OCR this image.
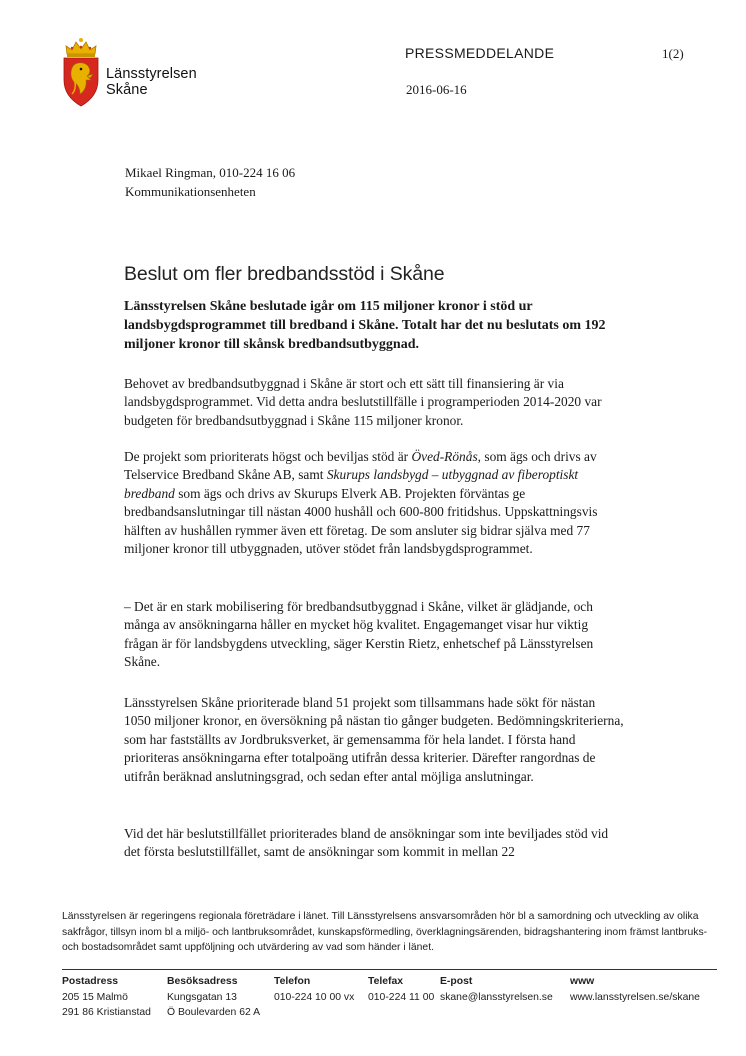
Länsstyrelsen
Skåne
PRESSMEDDELANDE	1(2)
2016-06-16
Mikael Ringman, 010-224 16 06
Kommunikationsenheten
Beslut om fler bredbandsstöd i Skåne

Länsstyrelsen Skåne beslutade igår om 115 miljoner kronor i stöd ur landsbygdsprogrammet till bredband i Skåne. Totalt har det nu beslutats om 192 miljoner kronor till skånsk bredbandsutbyggnad.

Behovet av bredbandsutbyggnad i Skåne är stort och ett sätt till finansiering är via landsbygdsprogrammet. Vid detta andra beslutstillfälle i programperioden 2014-2020 var budgeten för bredbandsutbyggnad i Skåne 115 miljoner kronor.

De projekt som prioriterats högst och beviljas stöd är Öved-Rönås, som ägs och drivs av Telservice Bredband Skåne AB, samt Skurups landsbygd – utbyggnad av fiberoptiskt bredband som ägs och drivs av Skurups Elverk AB. Projekten förväntas ge bredbandsanslutningar till nästan 4000 hushåll och 600-800 fritidshus. Uppskattningsvis hälften av hushållen rymmer även ett företag. De som ansluter sig bidrar själva med 77 miljoner kronor till utbyggnaden, utöver stödet från landsbygdsprogrammet.

– Det är en stark mobilisering för bredbandsutbyggnad i Skåne, vilket är glädjande, och många av ansökningarna håller en mycket hög kvalitet. Engagemanget visar hur viktig frågan är för landsbygdens utveckling, säger Kerstin Rietz, enhetschef på Länsstyrelsen Skåne.

Länsstyrelsen Skåne prioriterade bland 51 projekt som tillsammans hade sökt för nästan 1050 miljoner kronor, en översökning på nästan tio gånger budgeten. Bedömningskriterierna, som har fastställts av Jordbruksverket, är gemensamma för hela landet. I första hand prioriteras ansökningarna efter totalpoäng utifrån dessa kriterier. Därefter rangordnas de utifrån beräknad anslutningsgrad, och sedan efter antal möjliga anslutningar.

Vid det här beslutstillfället prioriterades bland de ansökningar som inte beviljades stöd vid det första beslutstillfället, samt de ansökningar som kommit in mellan 22

Länsstyrelsen är regeringens regionala företrädare i länet. Till Länsstyrelsens ansvarsområden hör bl a samordning och utveckling av olika sakfrågor, tillsyn inom bl a miljö- och lantbruksområdet, kunskapsförmedling, överklagningsärenden, bidragshantering inom främst lantbruks- och bostadsområdet samt uppföljning och utvärdering av vad som händer i länet.
Postadress
205 15 Malmö
291 86 Kristianstad
Besöksadress
Kungsgatan 13
Ö Boulevarden 62 A
Telefon
010-224 10 00 vx
Telefax
010-224 11 00
E-post
skane@lansstyrelsen.se
www
www.lansstyrelsen.se/skane
